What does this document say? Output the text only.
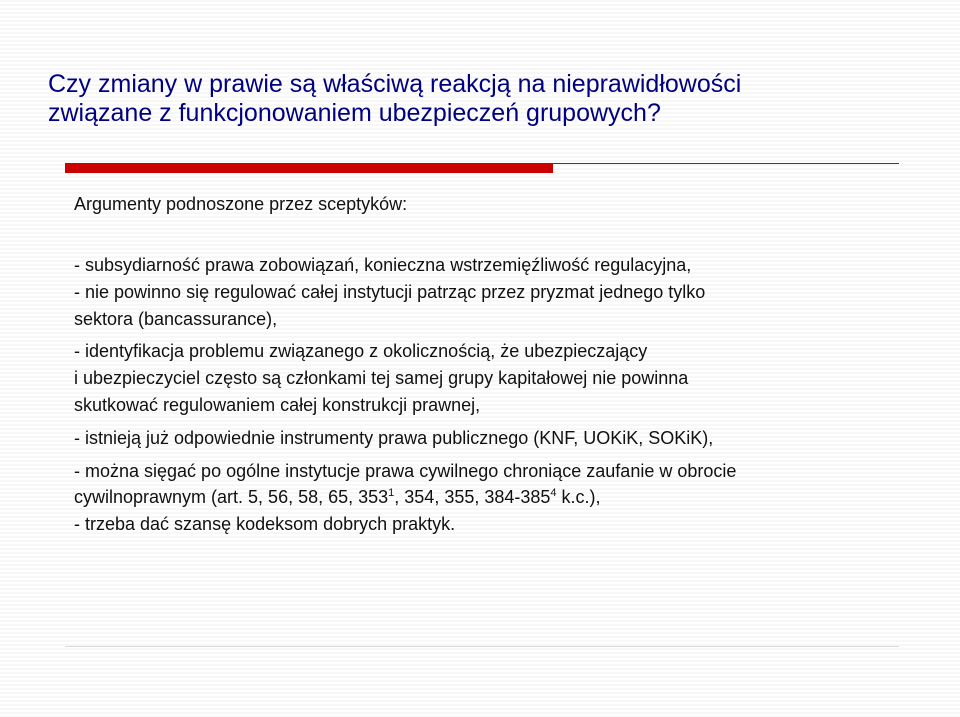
Czy zmiany w prawie są właściwą reakcją na nieprawidłowości
związane z funkcjonowaniem ubezpieczeń grupowych?
Argumenty podnoszone przez sceptyków:
- subsydiarność prawa zobowiązań, konieczna wstrzemięźliwość regulacyjna,
- nie powinno się regulować całej instytucji patrząc przez pryzmat jednego tylko
sektora (bancassurance),
- identyfikacja problemu związanego z okolicznością, że ubezpieczający
i ubezpieczyciel często są członkami tej samej grupy kapitałowej nie powinna
skutkować regulowaniem całej konstrukcji prawnej,
- istnieją już odpowiednie instrumenty prawa publicznego (KNF, UOKiK, SOKiK),
- można sięgać po ogólne instytucje prawa cywilnego chroniące zaufanie w obrocie
cywilnoprawnym (art. 5, 56, 58, 65, $353^1$, 354, 355, $384-385^4$ k.c.),
- trzeba dać szansę kodeksom dobrych praktyk.
